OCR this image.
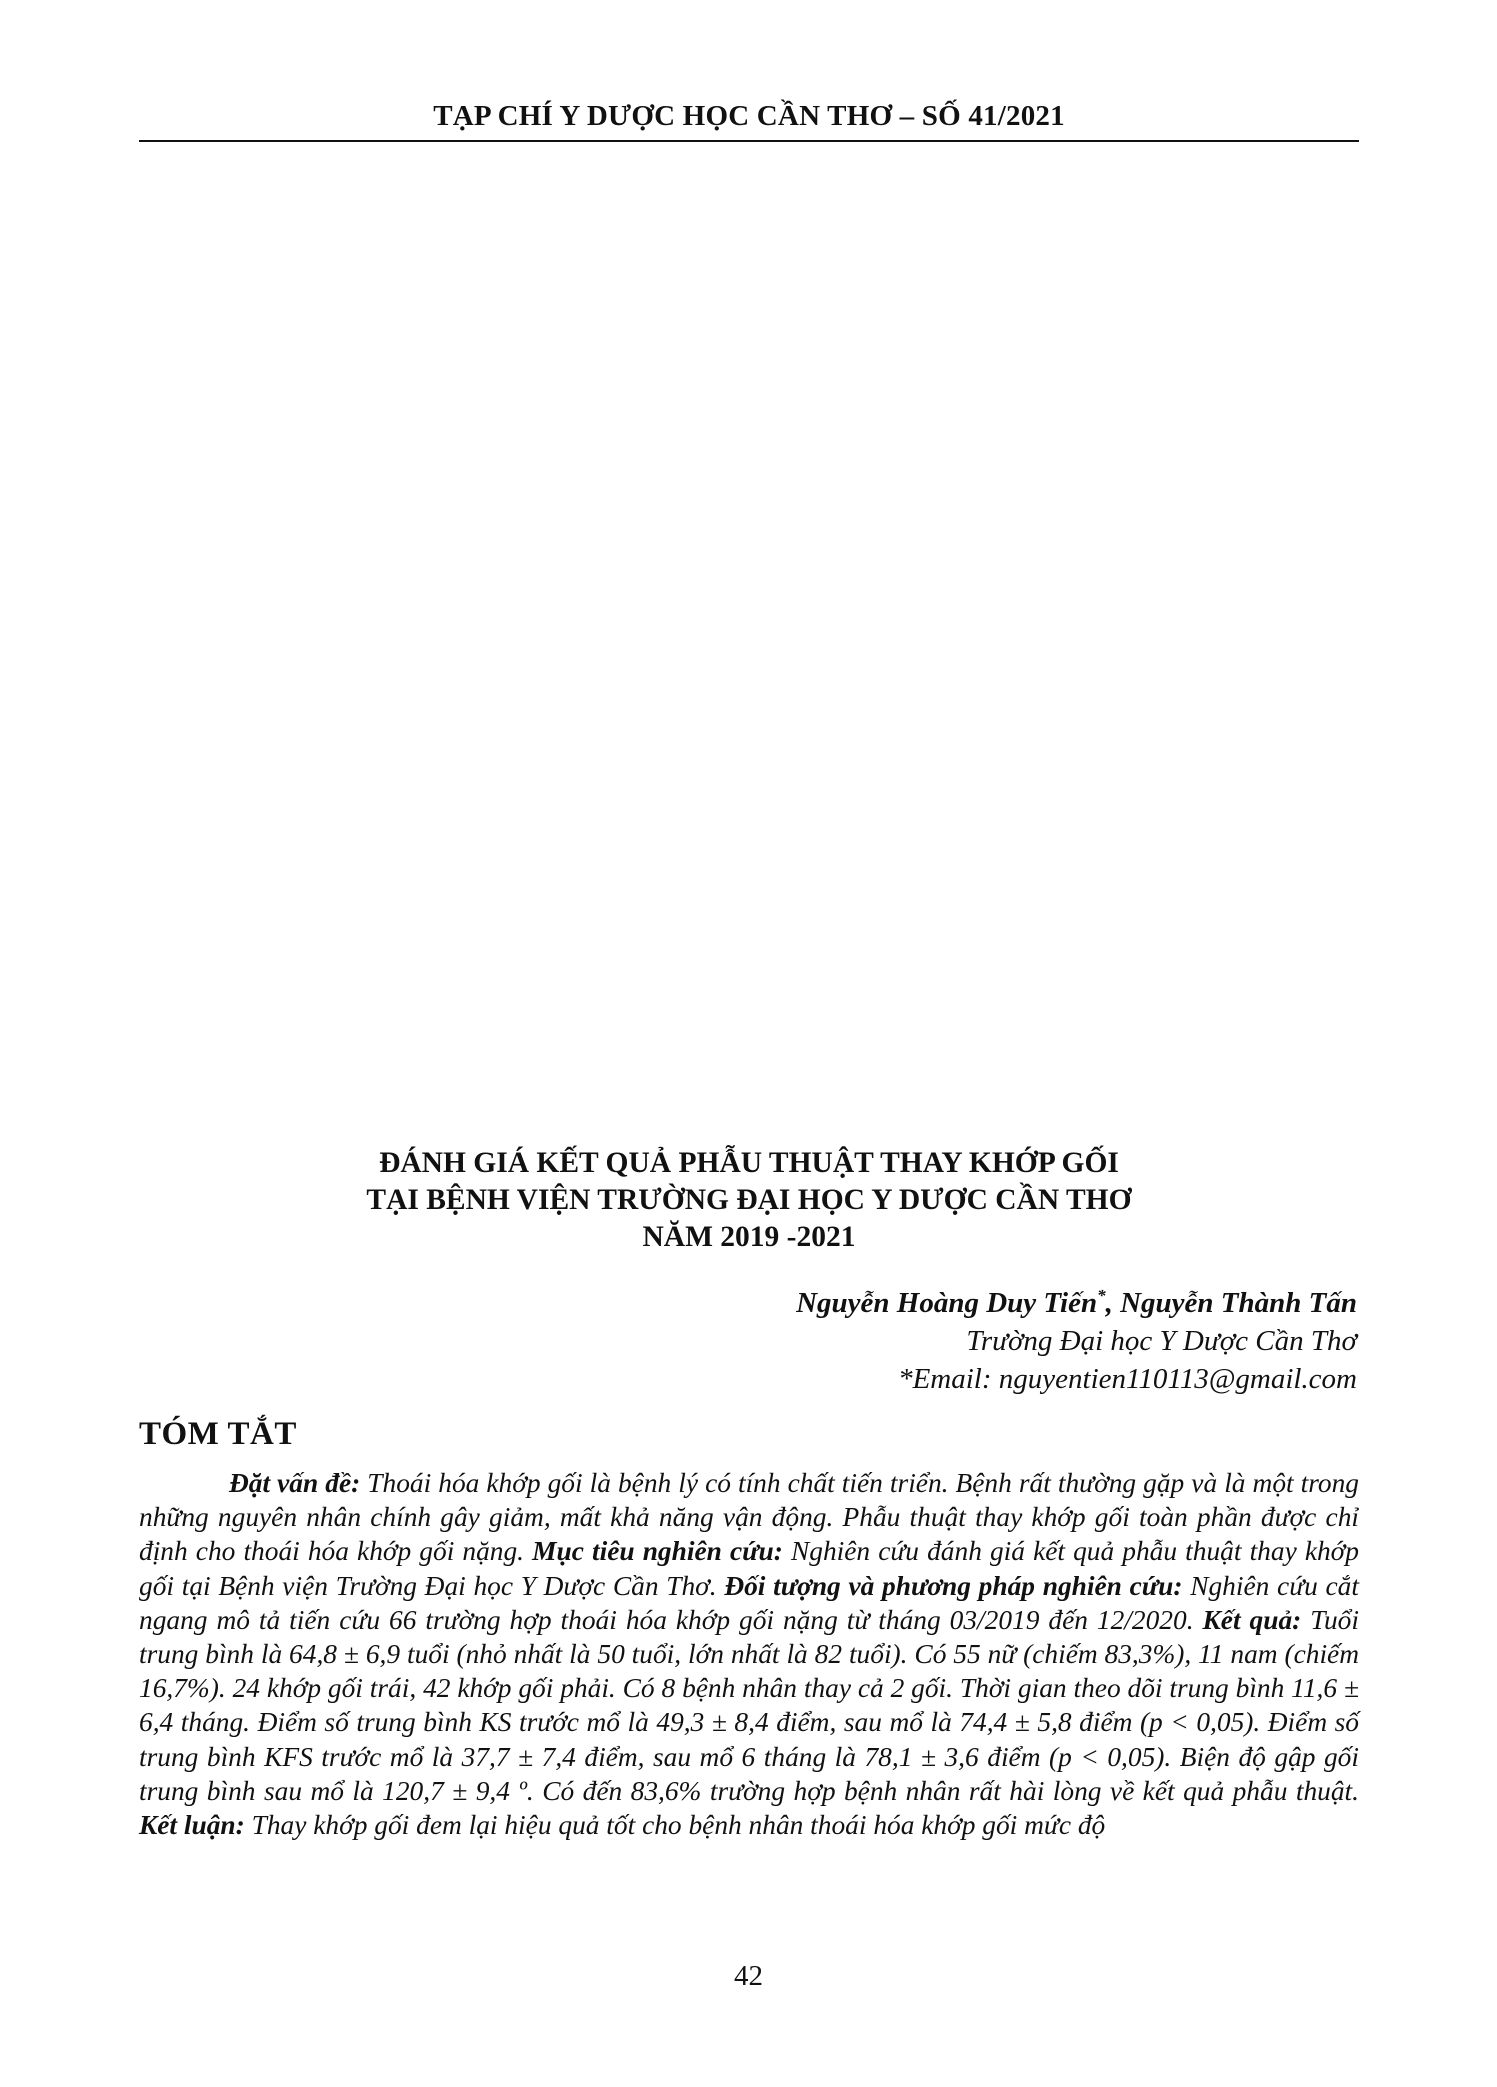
TẠP CHÍ Y DƯỢC HỌC CẦN THƠ – SỐ 41/2021
ĐÁNH GIÁ KẾT QUẢ PHẪU THUẬT THAY KHỚP GỐI
TẠI BỆNH VIỆN TRƯỜNG ĐẠI HỌC Y DƯỢC CẦN THƠ
NĂM 2019 -2021
Nguyễn Hoàng Duy Tiến*, Nguyễn Thành Tấn
Trường Đại học Y Dược Cần Thơ
*Email: nguyentien110113@gmail.com
TÓM TẮT
Đặt vấn đề: Thoái hóa khớp gối là bệnh lý có tính chất tiến triển. Bệnh rất thường gặp và là một trong những nguyên nhân chính gây giảm, mất khả năng vận động. Phẫu thuật thay khớp gối toàn phần được chỉ định cho thoái hóa khớp gối nặng. Mục tiêu nghiên cứu: Nghiên cứu đánh giá kết quả phẫu thuật thay khớp gối tại Bệnh viện Trường Đại học Y Dược Cần Thơ. Đối tượng và phương pháp nghiên cứu: Nghiên cứu cắt ngang mô tả tiến cứu 66 trường hợp thoái hóa khớp gối nặng từ tháng 03/2019 đến 12/2020. Kết quả: Tuổi trung bình là 64,8 ± 6,9 tuổi (nhỏ nhất là 50 tuổi, lớn nhất là 82 tuổi). Có 55 nữ (chiếm 83,3%), 11 nam (chiếm 16,7%). 24 khớp gối trái, 42 khớp gối phải. Có 8 bệnh nhân thay cả 2 gối. Thời gian theo dõi trung bình 11,6 ± 6,4 tháng. Điểm số trung bình KS trước mổ là 49,3 ± 8,4 điểm, sau mổ là 74,4 ± 5,8 điểm (p < 0,05). Điểm số trung bình KFS trước mổ là 37,7 ± 7,4 điểm, sau mổ 6 tháng là 78,1 ± 3,6 điểm (p < 0,05). Biện độ gập gối trung bình sau mổ là 120,7 ± 9,4 º. Có đến 83,6% trường hợp bệnh nhân rất hài lòng về kết quả phẫu thuật. Kết luận: Thay khớp gối đem lại hiệu quả tốt cho bệnh nhân thoái hóa khớp gối mức độ
42
